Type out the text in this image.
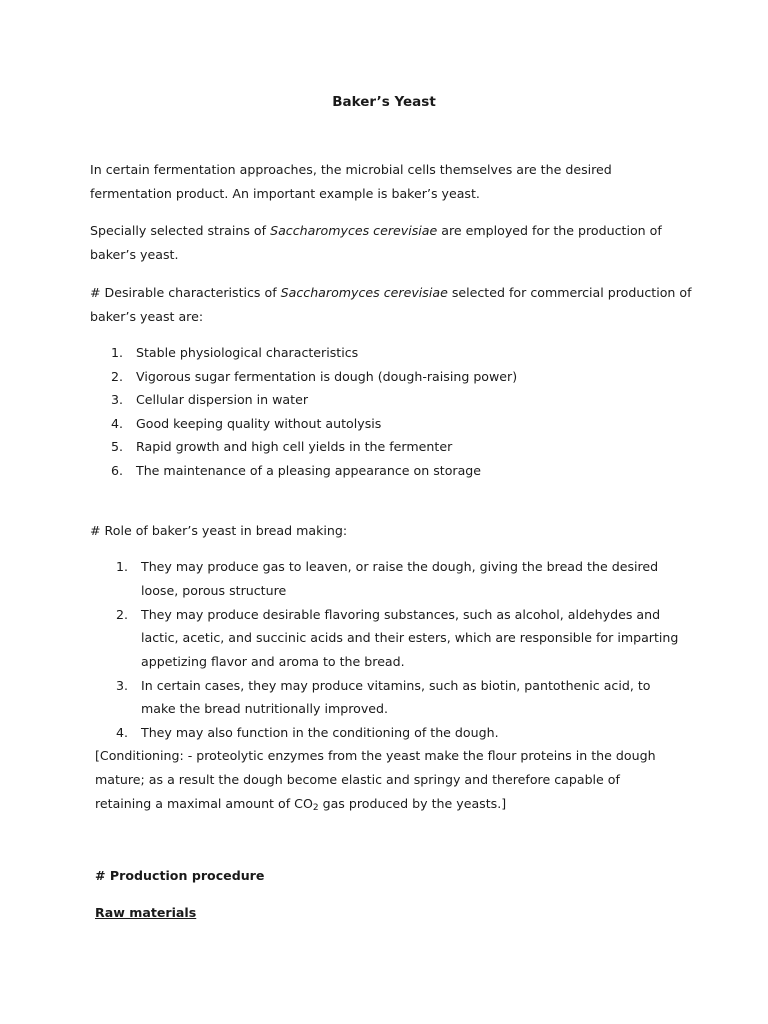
Baker’s Yeast
In certain fermentation approaches, the microbial cells themselves are the desired
fermentation product. An important example is baker’s yeast.
Specially selected strains of Saccharomyces cerevisiae are employed for the production of
baker’s yeast.
# Desirable characteristics of Saccharomyces cerevisiae selected for commercial production of
baker’s yeast are:
1. Stable physiological characteristics
2. Vigorous sugar fermentation is dough (dough-raising power)
3. Cellular dispersion in water
4. Good keeping quality without autolysis
5. Rapid growth and high cell yields in the fermenter
6. The maintenance of a pleasing appearance on storage
# Role of baker’s yeast in bread making:
1. They may produce gas to leaven, or raise the dough, giving the bread the desired
loose, porous structure
2. They may produce desirable flavoring substances, such as alcohol, aldehydes and
lactic, acetic, and succinic acids and their esters, which are responsible for imparting
appetizing flavor and aroma to the bread.
3. In certain cases, they may produce vitamins, such as biotin, pantothenic acid, to
make the bread nutritionally improved.
4. They may also function in the conditioning of the dough.
[Conditioning: - proteolytic enzymes from the yeast make the flour proteins in the dough
mature; as a result the dough become elastic and springy and therefore capable of
retaining a maximal amount of $CO_2$ gas produced by the yeasts.]
# Production procedure
Raw materials
